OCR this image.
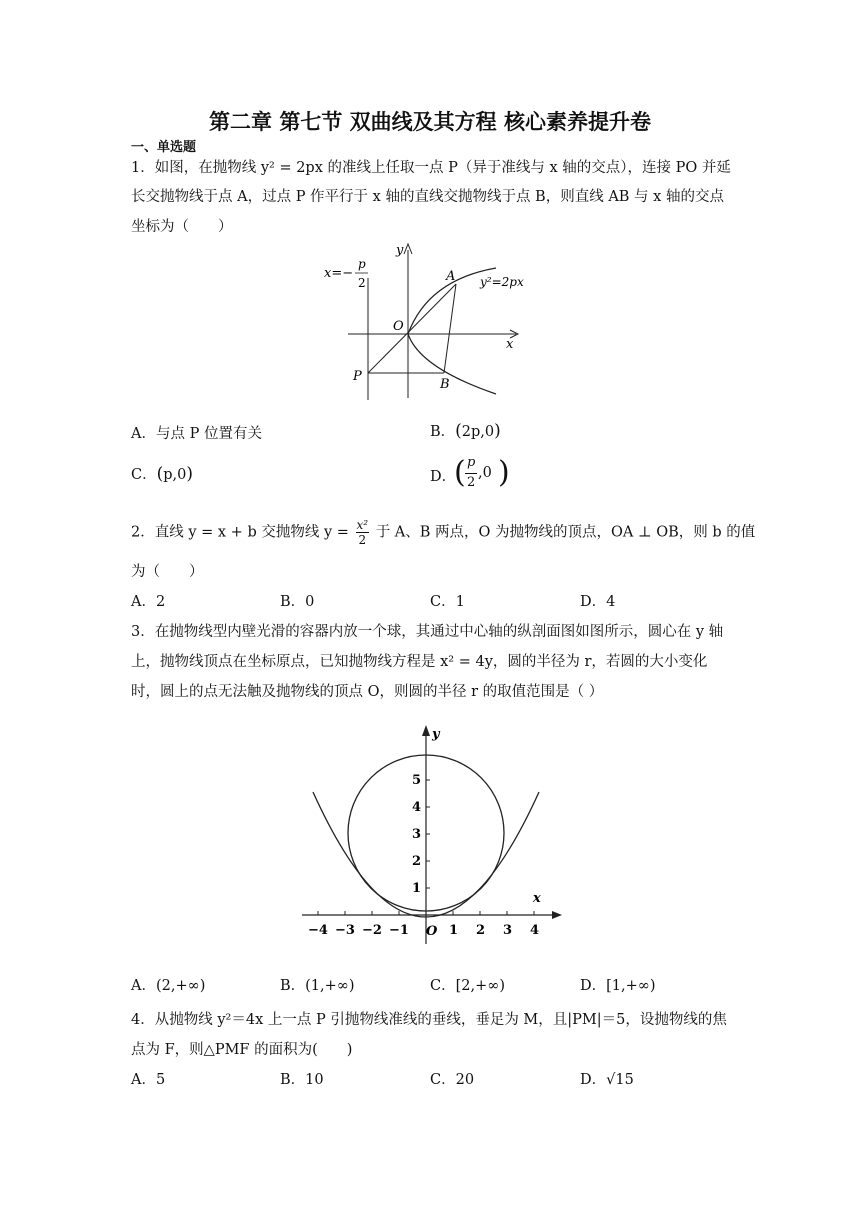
第二章 第七节 双曲线及其方程 核心素养提升卷
一、单选题
1．如图，在抛物线 y² = 2px 的准线上任取一点 P（异于准线与 x 轴的交点），连接 PO 并延
长交抛物线于点 A，过点 P 作平行于 x 轴的直线交抛物线于点 B，则直线 AB 与 x 轴的交点
坐标为（　　）
x=−
p
2	y²=2px
y
x
O
A
B
P
A．与点 P 位置有关	B．(2p,0)
C．(p,0)	D．
( p
2
,0 )
2．直线 y = x + b 交抛物线 $y = \frac{\text{x²}}{2}$ 于 A、B 两点，O 为抛物线的顶点，OA ⊥ OB，则 b 的值
为（　　）
A．2	B．0	C．1	D．4
3．在抛物线型内壁光滑的容器内放一个球，其通过中心轴的纵剖面图如图所示，圆心在 y 轴
上，抛物线顶点在坐标原点，已知抛物线方程是 x² = 4y，圆的半径为 r，若圆的大小变化
时，圆上的点无法触及抛物线的顶点 O，则圆的半径 r 的取值范围是（ ）
1
2
3
4
5
−4 −3 −2 −1	1 2 3 4
O
y
x
A．(2,+∞)	B．(1,+∞)	C．[2,+∞)	D．[1,+∞)
4．从抛物线 y²＝4x 上一点 P 引抛物线准线的垂线，垂足为 M，且|PM|＝5，设抛物线的焦
点为 F，则△PMF 的面积为(　　)
A．5	B．10	C．20	D．√15
